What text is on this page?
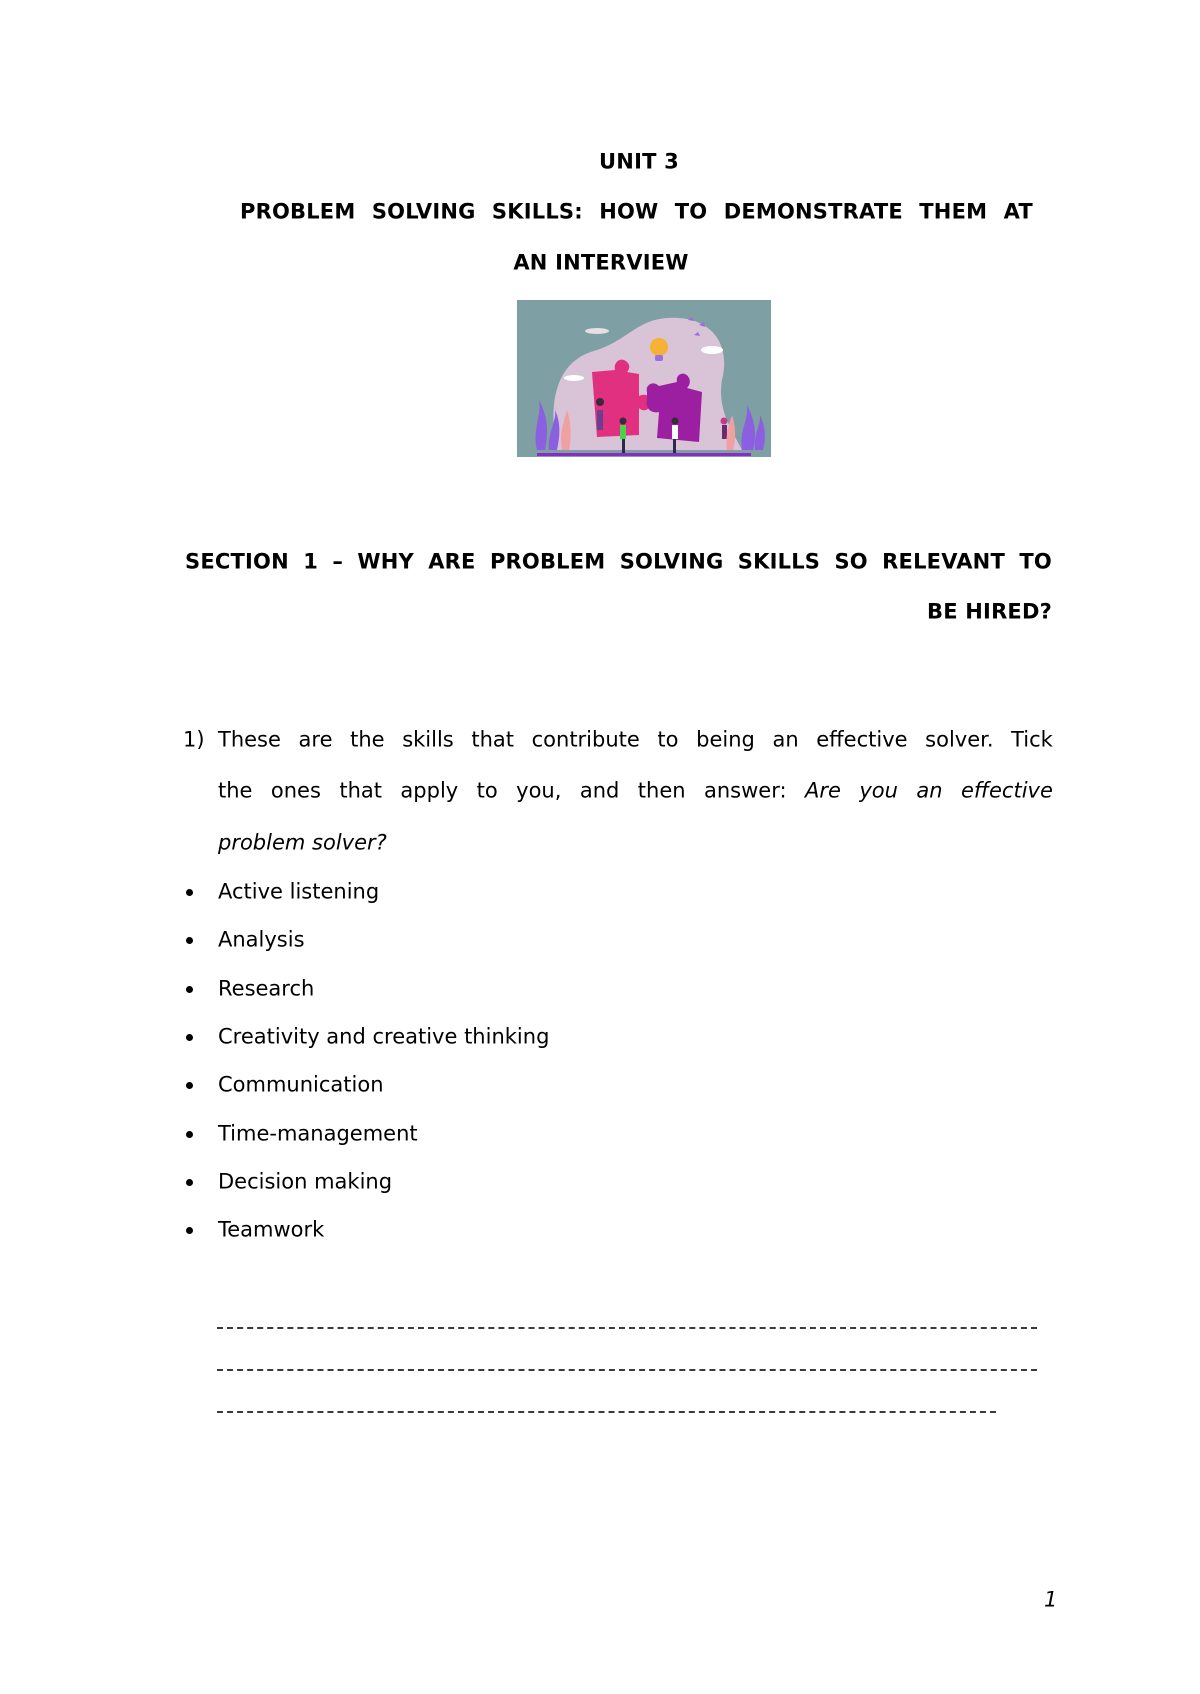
UNIT 3
PROBLEM SOLVING SKILLS: HOW TO DEMONSTRATE THEM AT
AN INTERVIEW
SECTION 1 – WHY ARE PROBLEM SOLVING SKILLS SO RELEVANT TO
BE HIRED?
1) These are the skills that contribute to being an effective solver. Tick
the ones that apply to you, and then answer: Are you an effective
problem solver?
Active listening
Analysis
Research
Creativity and creative thinking
Communication
Time-management
Decision making
Teamwork
1
